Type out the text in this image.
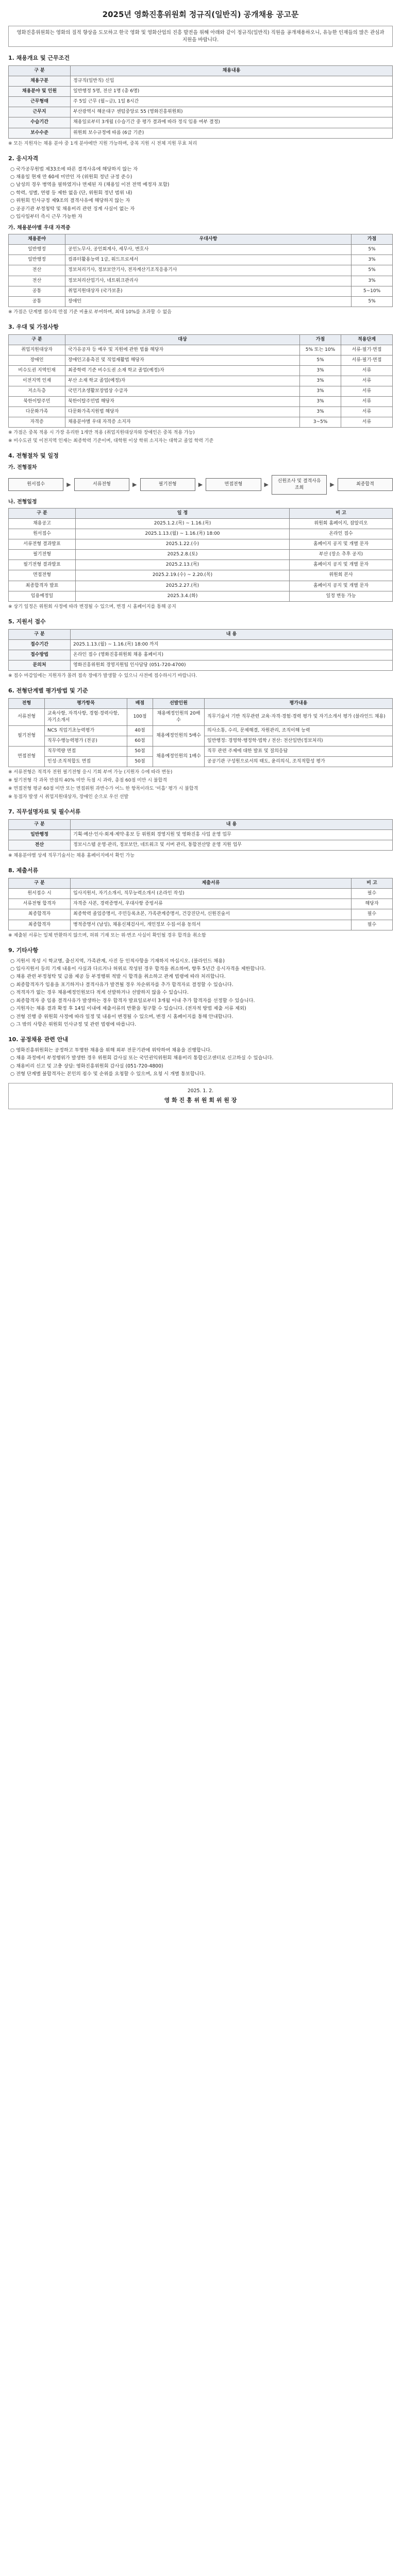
2025년 영화진흥위원회 정규직(일반직) 공개채용 공고문
영화진흥위원회는 영화의 질적 향상을 도모하고 한국 영화 및 영화산업의 진흥 발전을 위해 아래와 같이 정규직(일반직) 직원을 공개채용하오니, 유능한 인재들의 많은 관심과 지원을 바랍니다.
1. 채용개요 및 근무조건
구 분	채용내용
채용구분	정규직(일반직) 신입
채용분야 및 인원	일반행정 5명, 전산 1명 (총 6명)
근무형태	주 5일 근무 (월~금), 1일 8시간
근무지	부산광역시 해운대구 센텀중앙로 55 (영화진흥위원회)
수습기간	채용일로부터 3개월 (수습기간 중 평가 결과에 따라 정식 임용 여부 결정)
보수수준	위원회 보수규정에 따름 (6급 기준)
※ 모든 지원자는 채용 분야 중 1개 분야에만 지원 가능하며, 중복 지원 시 전체 지원 무효 처리
2. 응시자격
○ 국가공무원법 제33조에 따른 결격사유에 해당하지 않는 자
○ 채용일 현재 만 60세 미만인 자 (위원회 정년 규정 준수)
○ 남성의 경우 병역을 필하였거나 면제된 자 (채용일 이전 전역 예정자 포함)
○ 학력, 성별, 연령 등 제한 없음 (단, 위원회 정년 범위 내)
○ 위원회 인사규정 제9조의 결격사유에 해당하지 않는 자
○ 공공기관 부정청탁 및 채용비리 관련 징계 사실이 없는 자
○ 입사일부터 즉시 근무 가능한 자
가. 채용분야별 우대 자격증
채용분야	우대사항	가점
일반행정	공인노무사, 공인회계사, 세무사, 변호사	5%
일반행정	컴퓨터활용능력 1급, 워드프로세서	3%
전산	정보처리기사, 정보보안기사, 전자계산기조직응용기사	5%
전산	정보처리산업기사, 네트워크관리사	3%
공통	취업지원대상자 (국가보훈)	5~10%
공통	장애인	5%
※ 가점은 단계별 점수의 만점 기준 비율로 부여하며, 최대 10%를 초과할 수 없음
3. 우대 및 가점사항
구 분	대상	가점	적용단계
취업지원대상자	국가유공자 등 예우 및 지원에 관한 법률 해당자	5% 또는 10%	서류·필기·면접
장애인	장애인고용촉진 및 직업재활법 해당자	5%	서류·필기·면접
비수도권 지역인재	최종학력 기준 비수도권 소재 학교 졸업(예정)자	3%	서류
이전지역 인재	부산 소재 학교 졸업(예정)자	3%	서류
저소득층	국민기초생활보장법상 수급자	3%	서류
북한이탈주민	북한이탈주민법 해당자	3%	서류
다문화가족	다문화가족지원법 해당자	3%	서류
자격증	채용분야별 우대 자격증 소지자	3~5%	서류
※ 가점은 중복 적용 시 가장 유리한 1개만 적용 (취업지원대상자와 장애인은 중복 적용 가능)
※ 비수도권 및 이전지역 인재는 최종학력 기준이며, 대학원 이상 학위 소지자는 대학교 졸업 학력 기준
4. 전형절차 및 일정
가. 전형절차
원서접수	▶	서류전형	▶	필기전형	▶	면접전형	▶
신원조사 및 결격사유 조회	▶	최종합격
나. 전형일정
구 분	일 정	비 고
채용공고	2025.1.2.(목) ~ 1.16.(목)	위원회 홈페이지, 잡알리오
원서접수	2025.1.13.(월) ~ 1.16.(목) 18:00	온라인 접수
서류전형 결과발표	2025.1.22.(수)	홈페이지 공지 및 개별 문자
필기전형	2025.2.8.(토)	부산 (장소 추후 공지)
필기전형 결과발표	2025.2.13.(목)	홈페이지 공지 및 개별 문자
면접전형	2025.2.19.(수) ~ 2.20.(목)	위원회 본사
최종합격자 발표	2025.2.27.(목)	홈페이지 공지 및 개별 문자
임용예정일	2025.3.4.(화)	일정 변동 가능
※ 상기 일정은 위원회 사정에 따라 변경될 수 있으며, 변경 시 홈페이지를 통해 공지
5. 지원서 접수
구 분	내 용
접수기간	2025.1.13.(월) ~ 1.16.(목) 18:00 까지
접수방법	온라인 접수 (영화진흥위원회 채용 홈페이지)
문의처	영화진흥위원회 경영지원팀 인사담당 (051-720-4700)
※ 접수 마감일에는 지원자가 몰려 접속 장애가 발생할 수 있으니 사전에 접수하시기 바랍니다.
6. 전형단계별 평가방법 및 기준
전형	평가항목	배점	선발인원	평가내용
서류전형	교육사항, 자격사항, 경험·경력사항, 자기소개서	100점	채용예정인원의 20배수	직무기술서 기반 직무관련 교육·자격·경험·경력 평가 및 자기소개서 평가 (블라인드 채용)
필기전형	NCS 직업기초능력평가	40점	채용예정인원의 5배수	의사소통, 수리, 문제해결, 자원관리, 조직이해 능력
	직무수행능력평가 (전공)	60점		일반행정: 경영학·행정학·법학 / 전산: 전산일반(정보처리)
면접전형	직무역량 면접	50점	채용예정인원의 1배수	직무 관련 주제에 대한 발표 및 질의응답
	인성·조직적합도 면접	50점		공공기관 구성원으로서의 태도, 윤리의식, 조직적합성 평가
※ 서류전형은 적격자 전원 필기전형 응시 기회 부여 가능 (지원자 수에 따라 변동)
※ 필기전형 각 과목 만점의 40% 미만 득점 시 과락, 총점 60점 미만 시 불합격
※ 면접전형 평균 60점 미만 또는 면접위원 과반수가 어느 한 항목이라도 '미흡' 평가 시 불합격
※ 동점자 발생 시 취업지원대상자, 장애인 순으로 우선 선발
7. 직무설명자료 및 필수서류
구 분	내 용
일반행정	기획·예산·인사·회계·계약·홍보 등 위원회 경영지원 및 영화진흥 사업 운영 업무
전산	정보시스템 운영·관리, 정보보안, 네트워크 및 서버 관리, 통합전산망 운영 지원 업무
※ 채용분야별 상세 직무기술서는 채용 홈페이지에서 확인 가능
8. 제출서류
구 분	제출서류	비 고
원서접수 시	입사지원서, 자기소개서, 직무능력소개서 (온라인 작성)	필수
서류전형 합격자	자격증 사본, 경력증명서, 우대사항 증빙서류	해당자
최종합격자	최종학력 졸업증명서, 주민등록초본, 가족관계증명서, 건강진단서, 신원진술서	필수
최종합격자	병적증명서 (남성), 채용신체검사서, 개인정보 수집·이용 동의서	필수
※ 제출된 서류는 일체 반환하지 않으며, 허위 기재 또는 위·변조 사실이 확인될 경우 합격을 취소함
9. 기타사항
○ 지원서 작성 시 학교명, 출신지역, 가족관계, 사진 등 인적사항을 기재하지 마십시오. (블라인드 채용)
○ 입사지원서 등의 기재 내용이 사실과 다르거나 허위로 작성된 경우 합격을 취소하며, 향후 5년간 응시자격을 제한합니다.
○ 채용 관련 부정청탁 및 금품 제공 등 부정행위 적발 시 합격을 취소하고 관계 법령에 따라 처리합니다.
○ 최종합격자가 임용을 포기하거나 결격사유가 발견될 경우 차순위자를 추가 합격자로 결정할 수 있습니다.
○ 적격자가 없는 경우 채용예정인원보다 적게 선발하거나 선발하지 않을 수 있습니다.
○ 최종합격자 중 임용 결격사유가 발생하는 경우 합격자 발표일로부터 3개월 이내 추가 합격자를 선정할 수 있습니다.
○ 지원자는 채용 결과 확정 후 14일 이내에 제출서류의 반환을 청구할 수 있습니다. (전자적 방법 제출 서류 제외)
○ 전형 진행 중 위원회 사정에 따라 일정 및 내용이 변경될 수 있으며, 변경 시 홈페이지를 통해 안내합니다.
○ 그 밖의 사항은 위원회 인사규정 및 관련 법령에 따릅니다.
10. 공정채용 관련 안내
○ 영화진흥위원회는 공정하고 투명한 채용을 위해 외부 전문기관에 위탁하여 채용을 진행합니다.
○ 채용 과정에서 부정행위가 발생한 경우 위원회 감사실 또는 국민권익위원회 채용비리 통합신고센터로 신고하실 수 있습니다.
○ 채용비리 신고 및 고충 상담: 영화진흥위원회 감사실 (051-720-4800)
○ 전형 단계별 불합격자는 본인의 점수 및 순위를 요청할 수 있으며, 요청 시 개별 통보합니다.
2025. 1. 2.
영 화 진 흥 위 원 회 위 원 장
